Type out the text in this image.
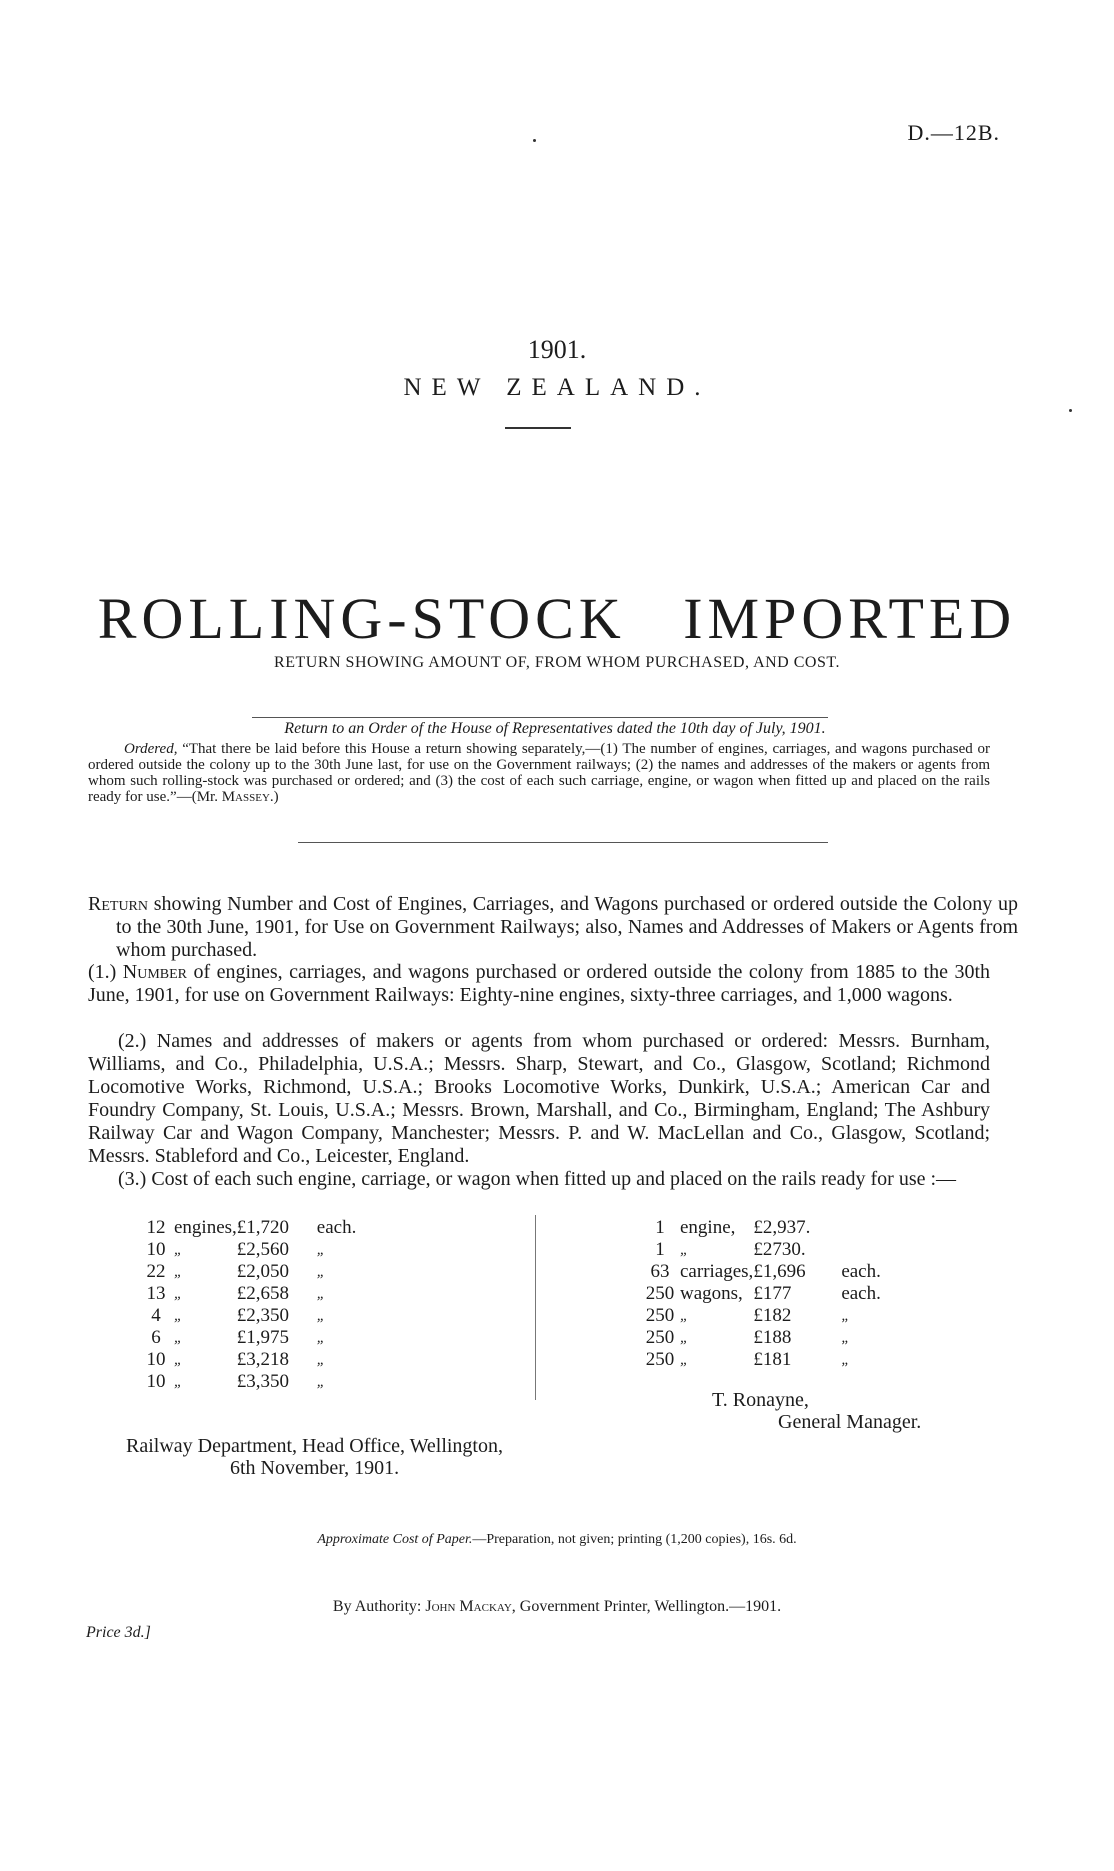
D.—12B.
1901.
NEW ZEALAND.
ROLLING-STOCK IMPORTED
RETURN SHOWING AMOUNT OF, FROM WHOM PURCHASED, AND COST.
Return to an Order of the House of Representatives dated the 10th day of July, 1901.
Ordered, “That there be laid before this House a return showing separately,—(1) The number of engines, carriages, and wagons purchased or ordered outside the colony up to the 30th June last, for use on the Government railways; (2) the names and addresses of the makers or agents from whom such rolling-stock was purchased or ordered; and (3) the cost of each such carriage, engine, or wagon when fitted up and placed on the rails ready for use.”—(Mr. Massey.)
Return showing Number and Cost of Engines, Carriages, and Wagons purchased or ordered outside the Colony up to the 30th June, 1901, for Use on Government Railways; also, Names and Addresses of Makers or Agents from whom purchased.
(1.) Number of engines, carriages, and wagons purchased or ordered outside the colony from 1885 to the 30th June, 1901, for use on Government Railways: Eighty-nine engines, sixty-three carriages, and 1,000 wagons.
(2.) Names and addresses of makers or agents from whom purchased or ordered: Messrs. Burnham, Williams, and Co., Philadelphia, U.S.A.; Messrs. Sharp, Stewart, and Co., Glasgow, Scotland; Richmond Locomotive Works, Richmond, U.S.A.; Brooks Locomotive Works, Dunkirk, U.S.A.; American Car and Foundry Company, St. Louis, U.S.A.; Messrs. Brown, Marshall, and Co., Birmingham, England; The Ashbury Railway Car and Wagon Company, Manchester; Messrs. P. and W. MacLellan and Co., Glasgow, Scotland; Messrs. Stableford and Co., Leicester, England.
(3.) Cost of each such engine, carriage, or wagon when fitted up and placed on the rails ready for use :—
12	engines,	£1,720	each.
10	„	£2,560	„
22	„	£2,050	„
13	„	£2,658	„
4	„	£2,350	„
6	„	£1,975	„
10	„	£3,218	„
10	„	£3,350	„
1	engine,	£2,937.	
1	„	£2730.	
63	carriages,	£1,696	each.
250	wagons,	£177	each.
250	„	£182	„
250	„	£188	„
250	„	£181	„
T. Ronayne,
General Manager.
Railway Department, Head Office, Wellington,
6th November, 1901.
Approximate Cost of Paper.—Preparation, not given; printing (1,200 copies), 16s. 6d.
By Authority: John Mackay, Government Printer, Wellington.—1901.
Price 3d.]
